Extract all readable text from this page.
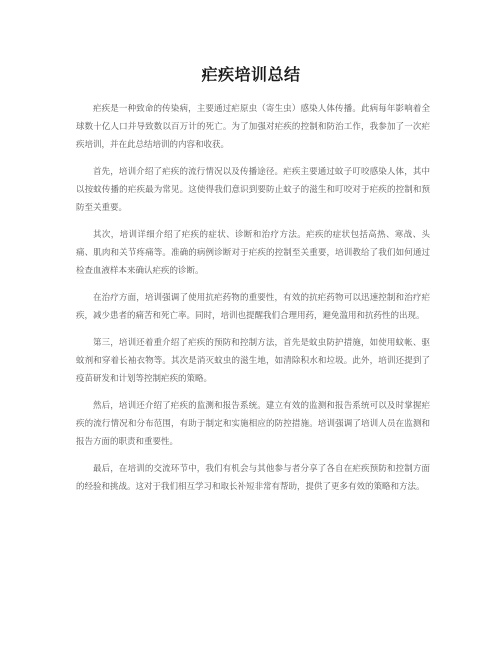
疟疾培训总结

疟疾是一种致命的传染病，主要通过疟原虫（寄生虫）感染人体传播。此病每年影响着全球数十亿人口并导致数以百万计的死亡。为了加强对疟疾的控制和防治工作，我参加了一次疟疾培训，并在此总结培训的内容和收获。

首先，培训介绍了疟疾的流行情况以及传播途径。疟疾主要通过蚊子叮咬感染人体，其中以按蚊传播的疟疾最为常见。这使得我们意识到要防止蚊子的滋生和叮咬对于疟疾的控制和预防至关重要。

其次，培训详细介绍了疟疾的症状、诊断和治疗方法。疟疾的症状包括高热、寒战、头痛、肌肉和关节疼痛等。准确的病例诊断对于疟疾的控制至关重要，培训教给了我们如何通过检查血液样本来确认疟疾的诊断。

在治疗方面，培训强调了使用抗疟药物的重要性，有效的抗疟药物可以迅速控制和治疗疟疾，减少患者的痛苦和死亡率。同时，培训也提醒我们合理用药，避免滥用和抗药性的出现。

第三，培训还着重介绍了疟疾的预防和控制方法，首先是蚊虫防护措施，如使用蚊帐、驱蚊剂和穿着长袖衣物等。其次是消灭蚊虫的滋生地，如清除积水和垃圾。此外，培训还提到了疫苗研发和计划等控制疟疾的策略。

然后，培训还介绍了疟疾的监测和报告系统。建立有效的监测和报告系统可以及时掌握疟疾的流行情况和分布范围，有助于制定和实施相应的防控措施。培训强调了培训人员在监测和报告方面的职责和重要性。

最后，在培训的交流环节中，我们有机会与其他参与者分享了各自在疟疾预防和控制方面的经验和挑战。这对于我们相互学习和取长补短非常有帮助，提供了更多有效的策略和方法。
